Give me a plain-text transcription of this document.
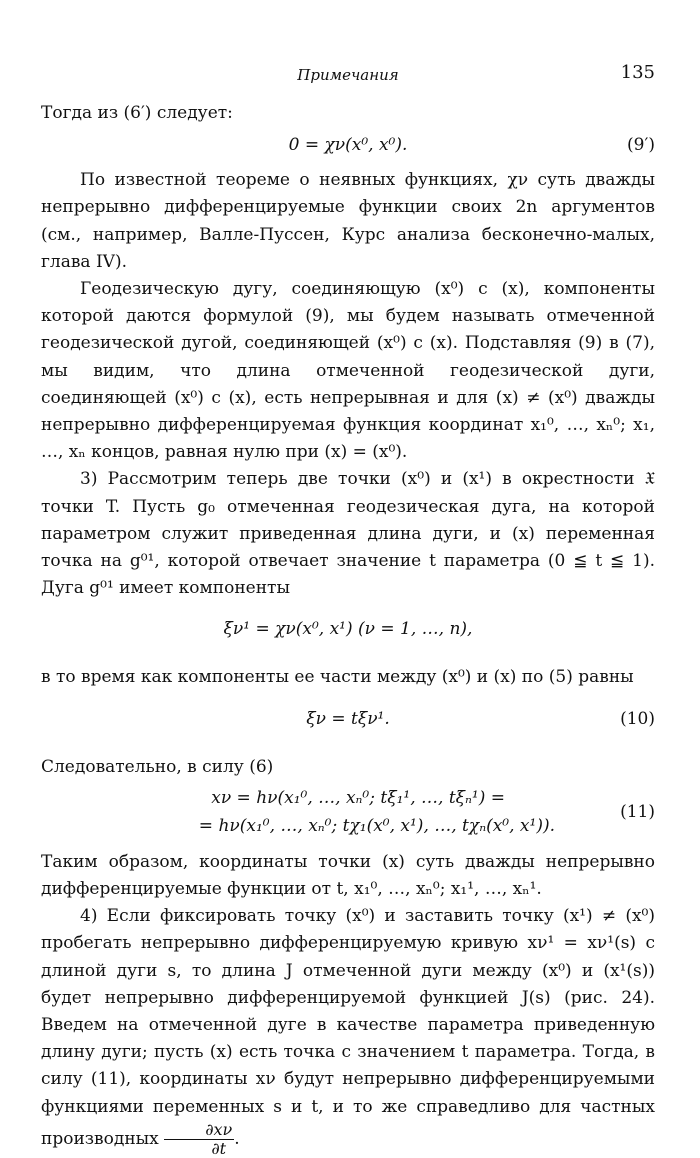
Примечания	135

Тогда из (6′) следует:

0 = χν(x⁰, x⁰).	(9′)

По известной теореме о неявных функциях, χν суть дважды непрерывно дифференцируемые функции своих 2n аргументов (см., например, Валле-Пуссен, Курс анализа бесконечно-малых, глава IV).

Геодезическую дугу, соединяющую (x⁰) с (x), компоненты которой даются формулой (9), мы будем называть отмеченной геодезической дугой, соединяющей (x⁰) с (x). Подставляя (9) в (7), мы видим, что длина отмеченной геодезической дуги, соединяющей (x⁰) с (x), есть непрерывная и для (x) ≠ (x⁰) дважды непрерывно дифференцируемая функция координат x₁⁰, …, xₙ⁰; x₁, …, xₙ концов, равная нулю при (x) = (x⁰).

3) Рассмотрим теперь две точки (x⁰) и (x¹) в окрестности 𝔛 точки T. Пусть g₀ отмеченная геодезическая дуга, на которой параметром служит приведенная длина дуги, и (x) переменная точка на g⁰¹, которой отвечает значение t параметра (0 ≦ t ≦ 1). Дуга g⁰¹ имеет компоненты

ξν¹ = χν(x⁰, x¹) (ν = 1, …, n),

в то время как компоненты ее части между (x⁰) и (x) по (5) равны

ξν = tξν¹.	(10)

Следовательно, в силу (6)

xν = hν(x₁⁰, …, xₙ⁰; tξ₁¹, …, tξₙ¹) =
= hν(x₁⁰, …, xₙ⁰; tχ₁(x⁰, x¹), …, tχₙ(x⁰, x¹)).
(11)

Таким образом, координаты точки (x) суть дважды непрерывно дифференцируемые функции от t, x₁⁰, …, xₙ⁰; x₁¹, …, xₙ¹.

4) Если фиксировать точку (x⁰) и заставить точку (x¹) ≠ (x⁰) пробегать непрерывно дифференцируемую кривую xν¹ = xν¹(s) с длиной дуги s, то длина J отмеченной дуги между (x⁰) и (x¹(s)) будет непрерывно дифференцируемой функцией J(s) (рис. 24). Введем на отмеченной дуге в качестве параметра приведенную длину дуги; пусть (x) есть точка с значением t параметра. Тогда, в силу (11), координаты xν будут непрерывно дифференцируемыми функциями переменных s и t, и то же справедливо для частных производных $\frac{\partial x\nu}{\partial t}$ .
